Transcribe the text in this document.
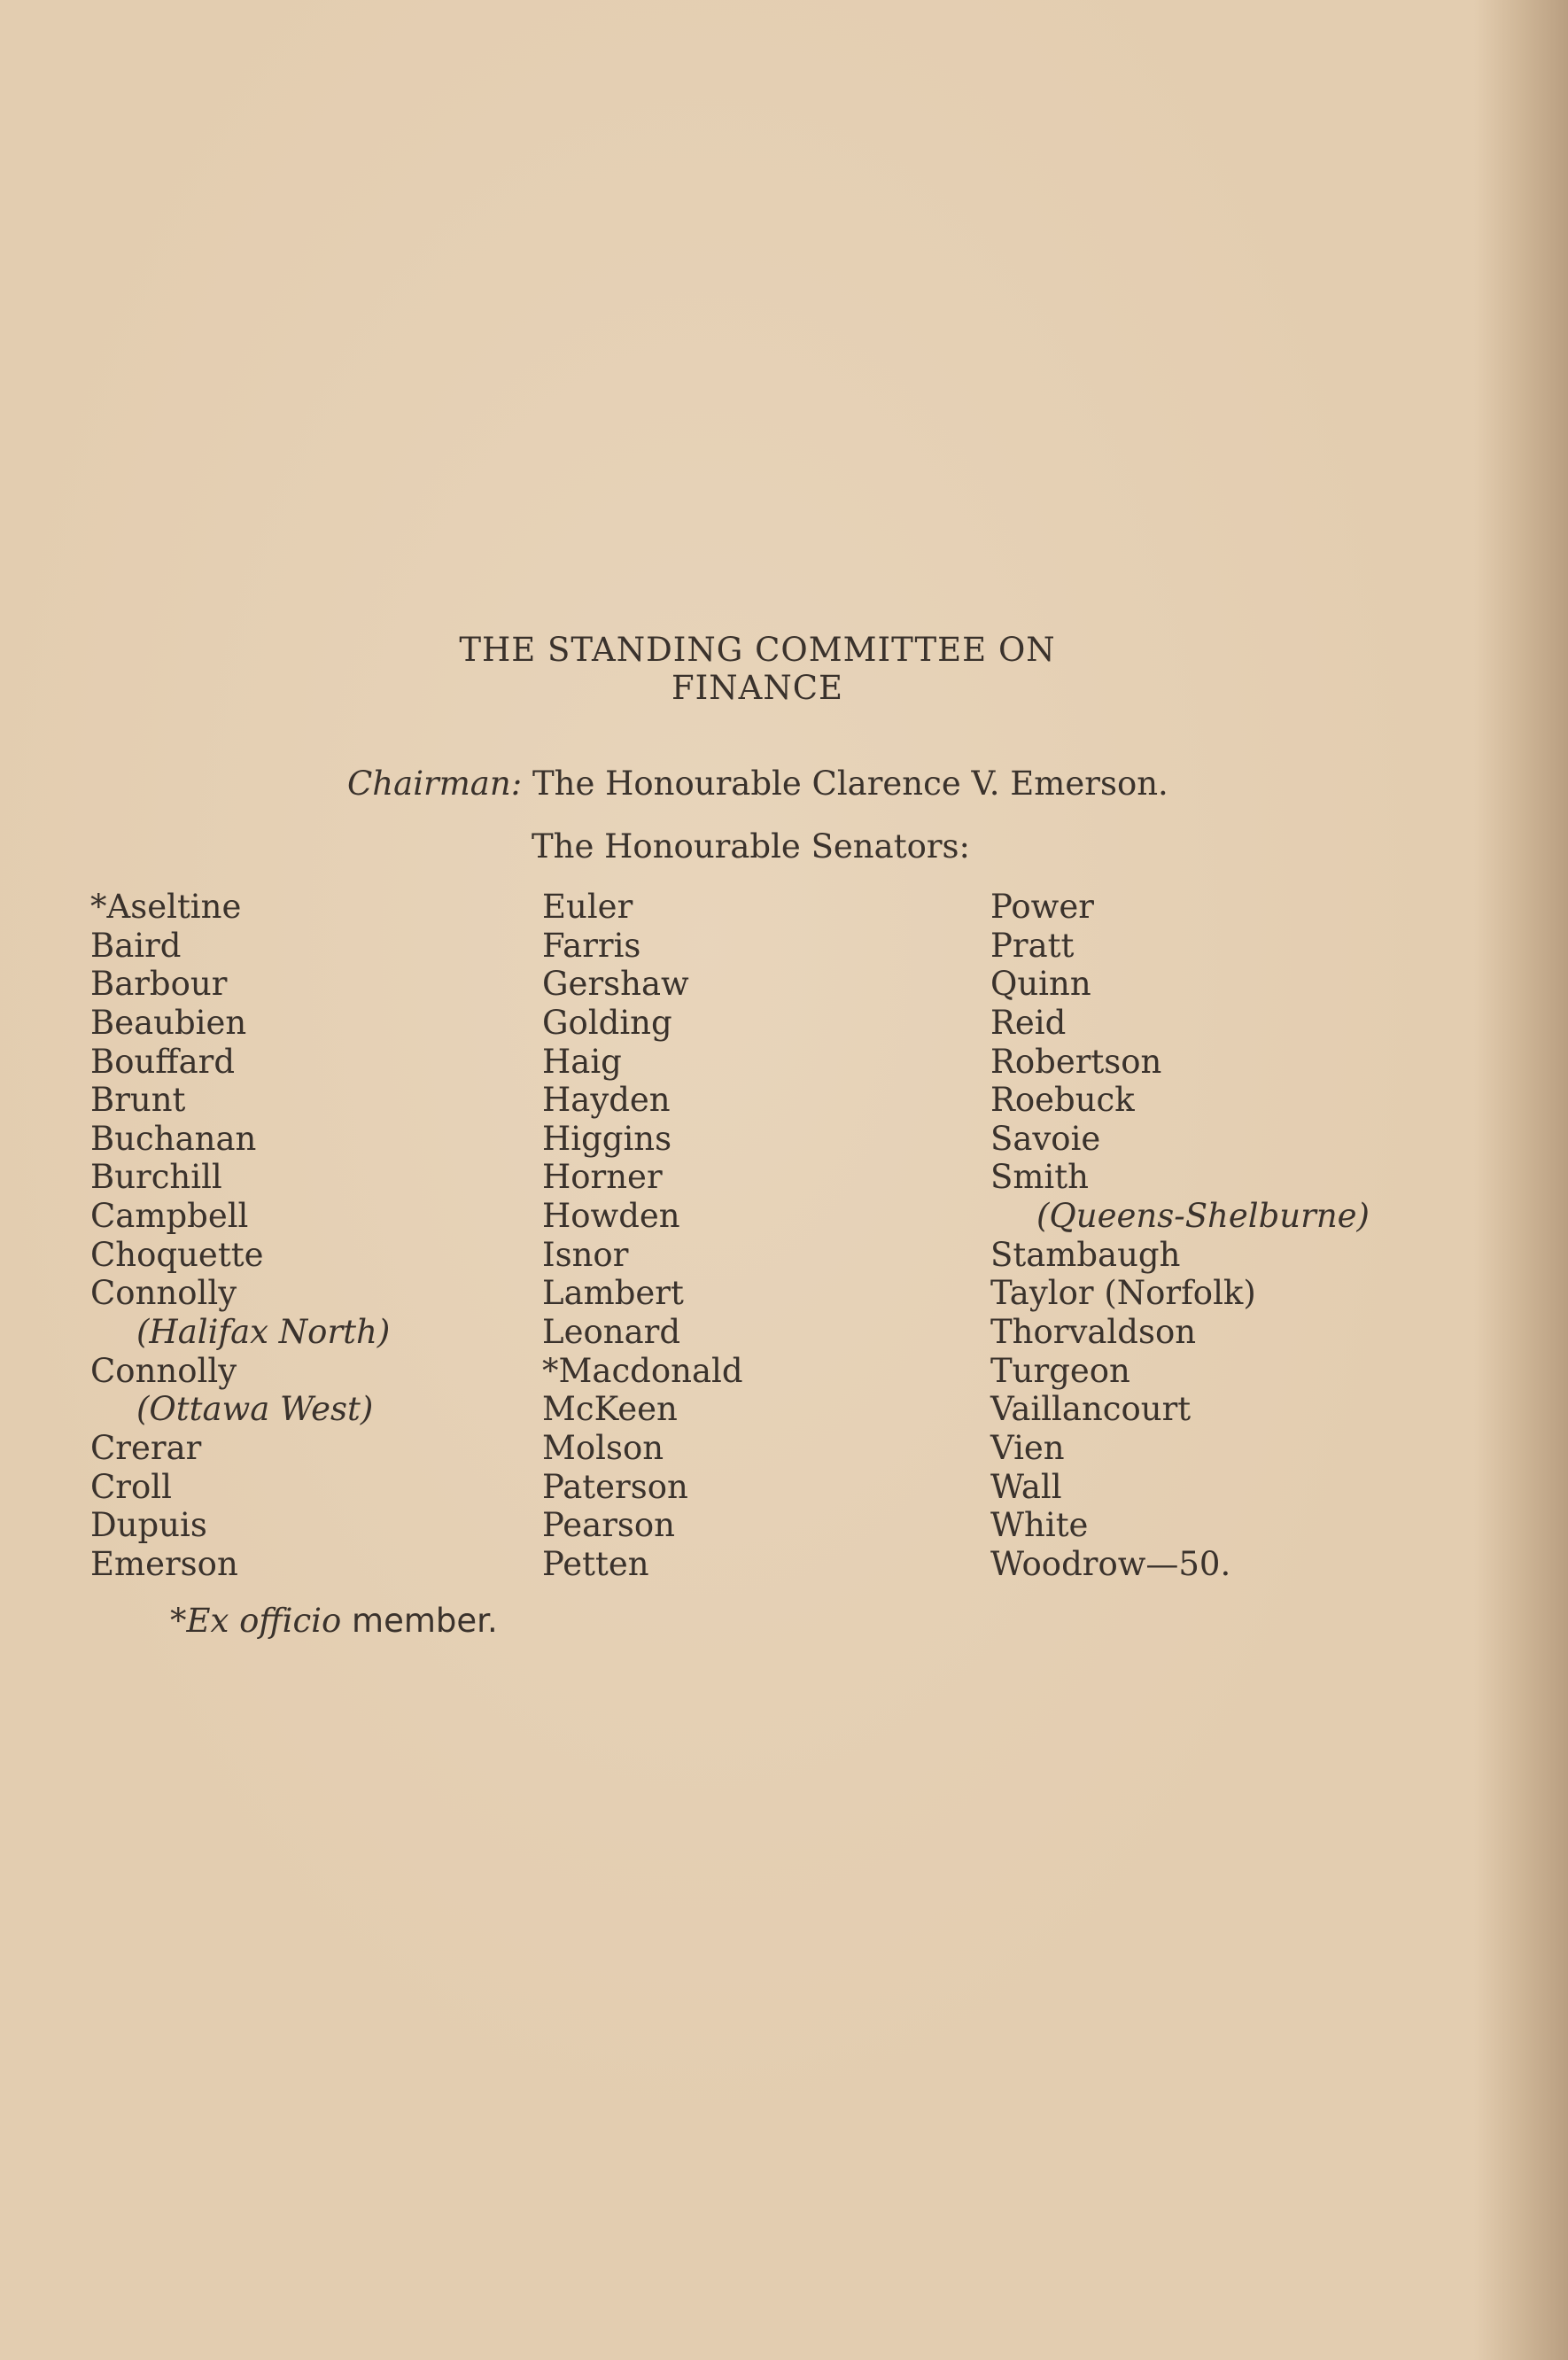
THE STANDING COMMITTEE ON
FINANCE
Chairman: The Honourable Clarence V. Emerson.
The Honourable Senators:
*Aseltine
Baird
Barbour
Beaubien
Bouffard
Brunt
Buchanan
Burchill
Campbell
Choquette
Connolly
(Halifax North)
Connolly
(Ottawa West)
Crerar
Croll
Dupuis
Emerson
Euler
Farris
Gershaw
Golding
Haig
Hayden
Higgins
Horner
Howden
Isnor
Lambert
Leonard
*Macdonald
McKeen
Molson
Paterson
Pearson
Petten
Power
Pratt
Quinn
Reid
Robertson
Roebuck
Savoie
Smith
(Queens-Shelburne)
Stambaugh
Taylor (Norfolk)
Thorvaldson
Turgeon
Vaillancourt
Vien
Wall
White
Woodrow—50.
*Ex officio member.
